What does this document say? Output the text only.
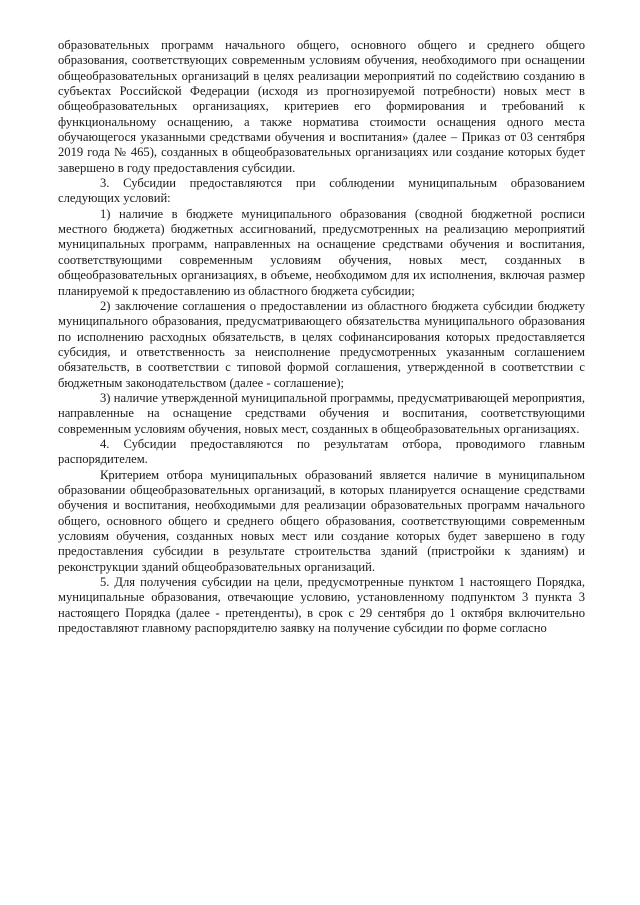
образовательных программ начального общего, основного общего и среднего общего образования, соответствующих современным условиям обучения, необходимого при оснащении общеобразовательных организаций в целях реализации мероприятий по содействию созданию в субъектах Российской Федерации (исходя из прогнозируемой потребности) новых мест в общеобразовательных организациях, критериев его формирования и требований к функциональному оснащению, а также норматива стоимости оснащения одного места обучающегося указанными средствами обучения и воспитания» (далее – Приказ от 03 сентября 2019 года № 465), созданных в общеобразовательных организациях или создание которых будет завершено в году предоставления субсидии.

3. Субсидии предоставляются при соблюдении муниципальным образованием следующих условий:

1) наличие в бюджете муниципального образования (сводной бюджетной росписи местного бюджета) бюджетных ассигнований, предусмотренных на реализацию мероприятий муниципальных программ, направленных на оснащение средствами обучения и воспитания, соответствующими современным условиям обучения, новых мест, созданных в общеобразовательных организациях, в объеме, необходимом для их исполнения, включая размер планируемой к предоставлению из областного бюджета субсидии;

2) заключение соглашения о предоставлении из областного бюджета субсидии бюджету муниципального образования, предусматривающего обязательства муниципального образования по исполнению расходных обязательств, в целях софинансирования которых предоставляется субсидия, и ответственность за неисполнение предусмотренных указанным соглашением обязательств, в соответствии с типовой формой соглашения, утвержденной в соответствии с бюджетным законодательством (далее - соглашение);

3) наличие утвержденной муниципальной программы, предусматривающей мероприятия, направленные на оснащение средствами обучения и воспитания, соответствующими современным условиям обучения, новых мест, созданных в общеобразовательных организациях.

4. Субсидии предоставляются по результатам отбора, проводимого главным распорядителем.

Критерием отбора муниципальных образований является наличие в муниципальном образовании общеобразовательных организаций, в которых планируется оснащение средствами обучения и воспитания, необходимыми для реализации образовательных программ начального общего, основного общего и среднего общего образования, соответствующими современным условиям обучения, созданных новых мест или создание которых будет завершено в году предоставления субсидии в результате строительства зданий (пристройки к зданиям) и реконструкции зданий общеобразовательных организаций.

5. Для получения субсидии на цели, предусмотренные пунктом 1 настоящего Порядка, муниципальные образования, отвечающие условию, установленному подпунктом 3 пункта 3 настоящего Порядка (далее - претенденты), в срок с 29 сентября до 1 октября включительно предоставляют главному распорядителю заявку на получение субсидии по форме согласно
